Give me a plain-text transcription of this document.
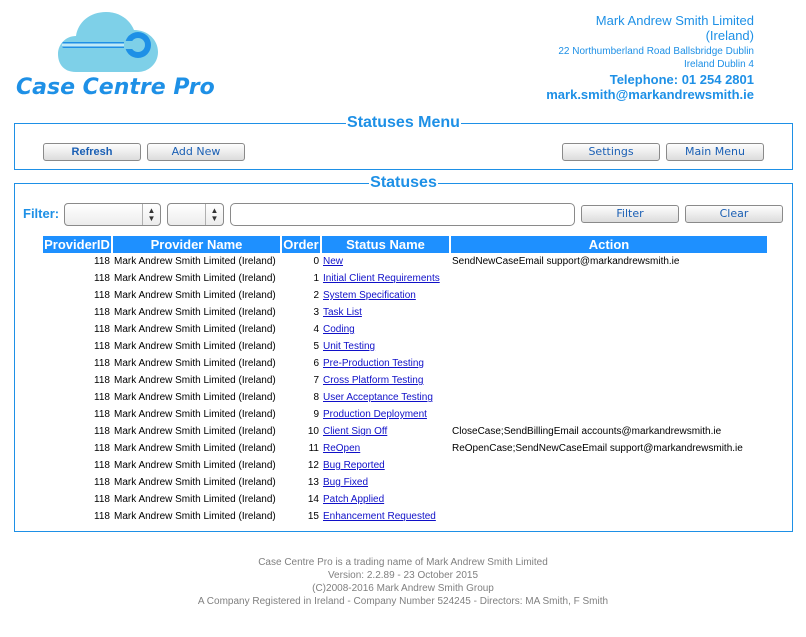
Case Centre Pro
Mark Andrew Smith Limited
(Ireland)
22 Northumberland Road Ballsbridge Dublin
Ireland Dublin 4
Telephone: 01 254 2801
mark.smith@markandrewsmith.ie
Statuses Menu
Refresh	Add New	Settings	Main Menu
Statuses
Filter:	▲
▼
▲
▼	Filter	Clear
ProviderID	Provider Name	Order	Status Name	Action
118	Mark Andrew Smith Limited (Ireland)	0	New	SendNewCaseEmail support@markandrewsmith.ie
118	Mark Andrew Smith Limited (Ireland)	1	Initial Client Requirements	
118	Mark Andrew Smith Limited (Ireland)	2	System Specification	
118	Mark Andrew Smith Limited (Ireland)	3	Task List	
118	Mark Andrew Smith Limited (Ireland)	4	Coding	
118	Mark Andrew Smith Limited (Ireland)	5	Unit Testing	
118	Mark Andrew Smith Limited (Ireland)	6	Pre-Production Testing	
118	Mark Andrew Smith Limited (Ireland)	7	Cross Platform Testing	
118	Mark Andrew Smith Limited (Ireland)	8	User Acceptance Testing	
118	Mark Andrew Smith Limited (Ireland)	9	Production Deployment	
118	Mark Andrew Smith Limited (Ireland)	10	Client Sign Off	CloseCase;SendBillingEmail accounts@markandrewsmith.ie
118	Mark Andrew Smith Limited (Ireland)	11	ReOpen	ReOpenCase;SendNewCaseEmail support@markandrewsmith.ie
118	Mark Andrew Smith Limited (Ireland)	12	Bug Reported	
118	Mark Andrew Smith Limited (Ireland)	13	Bug Fixed	
118	Mark Andrew Smith Limited (Ireland)	14	Patch Applied	
118	Mark Andrew Smith Limited (Ireland)	15	Enhancement Requested	
Case Centre Pro is a trading name of Mark Andrew Smith Limited
Version: 2.2.89 - 23 October 2015
(C)2008-2016 Mark Andrew Smith Group
A Company Registered in Ireland - Company Number 524245 - Directors: MA Smith, F Smith
